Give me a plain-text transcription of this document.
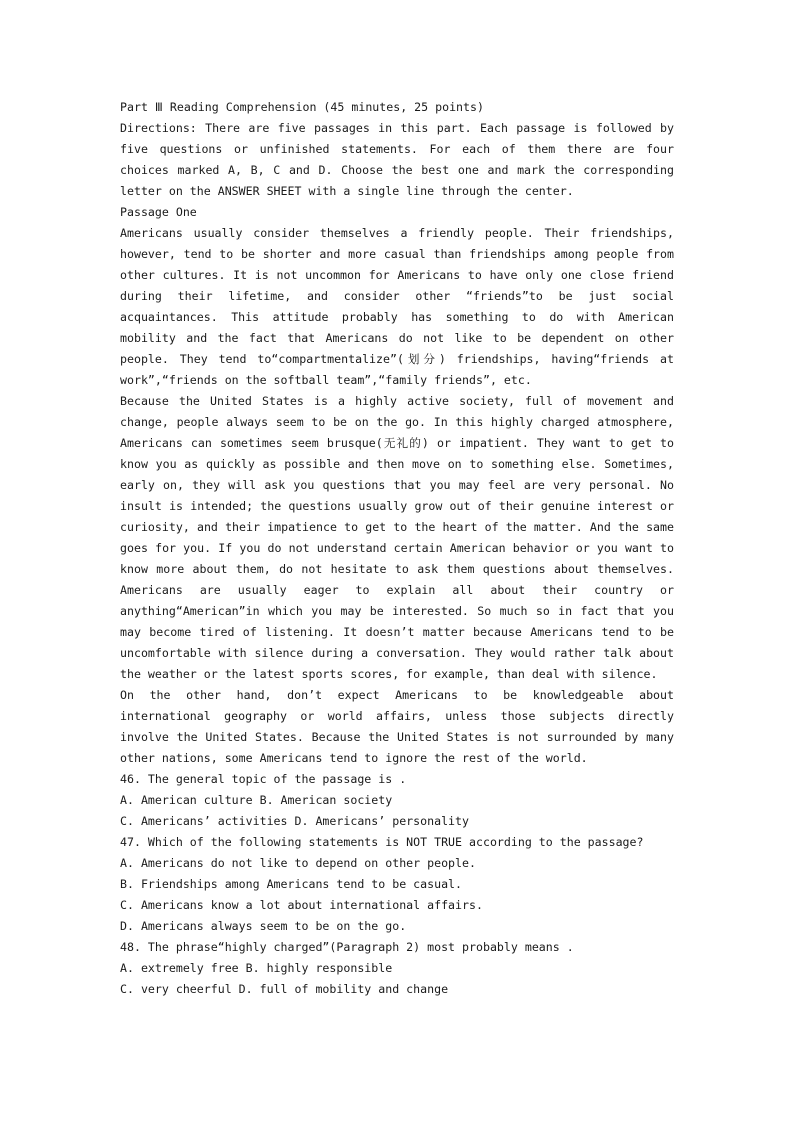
Part Ⅲ Reading Comprehension (45 minutes, 25 points)

Directions: There are five passages in this part. Each passage is followed by five questions or unfinished statements. For each of them there are four choices marked A, B, C and D. Choose the best one and mark the corresponding letter on the ANSWER SHEET with a single line through the center.

Passage One

Americans usually consider themselves a friendly people. Their friendships, however, tend to be shorter and more casual than friendships among people from other cultures. It is not uncommon for Americans to have only one close friend during their lifetime, and consider other “friends”to be just social acquaintances. This attitude probably has something to do with American mobility and the fact that Americans do not like to be dependent on other people. They tend to“compartmentalize”(划分) friendships, having“friends at work”,“friends on the softball team”,“family friends”, etc.

Because the United States is a highly active society, full of movement and change, people always seem to be on the go. In this highly charged atmosphere, Americans can sometimes seem brusque(无礼的) or impatient. They want to get to know you as quickly as possible and then move on to something else. Sometimes, early on, they will ask you questions that you may feel are very personal. No insult is intended; the questions usually grow out of their genuine interest or curiosity, and their impatience to get to the heart of the matter. And the same goes for you. If you do not understand certain American behavior or you want to know more about them, do not hesitate to ask them questions about themselves. Americans are usually eager to explain all about their country or anything“American”in which you may be interested. So much so in fact that you may become tired of listening. It doesn’t matter because Americans tend to be uncomfortable with silence during a conversation. They would rather talk about the weather or the latest sports scores, for example, than deal with silence.

On the other hand, don’t expect Americans to be knowledgeable about international geography or world affairs, unless those subjects directly involve the United States. Because the United States is not surrounded by many other nations, some Americans tend to ignore the rest of the world.

46. The general topic of the passage is .

A. American culture B. American society

C. Americans’ activities D. Americans’ personality

47. Which of the following statements is NOT TRUE according to the passage?

A. Americans do not like to depend on other people.

B. Friendships among Americans tend to be casual.

C. Americans know a lot about international affairs.

D. Americans always seem to be on the go.

48. The phrase“highly charged”(Paragraph 2) most probably means .

A. extremely free B. highly responsible

C. very cheerful D. full of mobility and change
